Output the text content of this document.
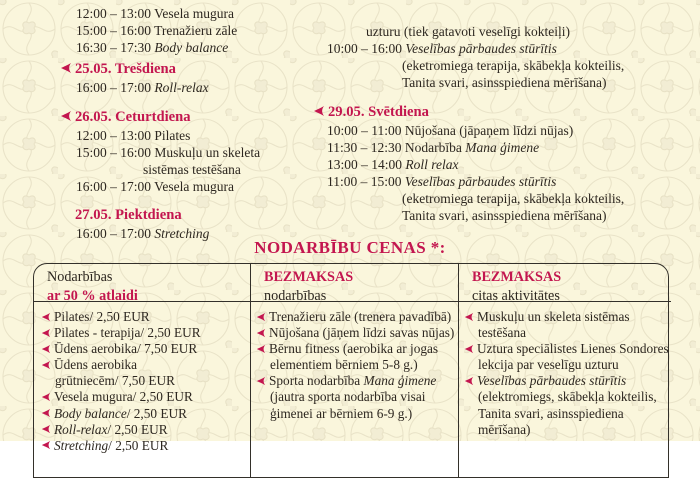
12:00 – 13:00 Vesela mugura
15:00 – 16:00 Trenažieru zāle
16:30 – 17:30 Body balance
25.05. Trešdiena
16:00 – 17:00 Roll-relax
26.05. Ceturtdiena
12:00 – 13:00 Pilates
15:00 – 16:00 Muskuļu un skeleta
sistēmas testēšana
16:00 – 17:00 Vesela mugura
27.05. Piektdiena
16:00 – 17:00 Stretching
uzturu (tiek gatavoti veselīgi kokteiļi)
10:00 – 16:00 Veselības pārbaudes stūrītis
(eketromiega terapija, skābekļa kokteilis,
Tanita svari, asinsspiediena mērīšana)
29.05. Svētdiena
10:00 – 11:00 Nūjošana (jāpaņem līdzi nūjas)
11:30 – 12:30 Nodarbība Mana ģimene
13:00 – 14:00 Roll relax
11:00 – 15:00 Veselības pārbaudes stūrītis
(eketromiega terapija, skābekļa kokteilis,
Tanita svari, asinsspiediena mērīšana)
NODARBĪBU CENAS *:
Nodarbības
ar 50 % atlaidi
BEZMAKSAS
nodarbības
BEZMAKSAS
citas aktivitātes
Pilates/ 2,50 EUR
Pilates - terapija/ 2,50 EUR
Ūdens aerobika/ 7,50 EUR
Ūdens aerobika
grūtniecēm/ 7,50 EUR
Vesela mugura/ 2,50 EUR
Body balance/ 2,50 EUR
Roll-relax/ 2,50 EUR
Stretching/ 2,50 EUR
Trenažieru zāle (trenera pavadībā)
Nūjošana (jāņem līdzi savas nūjas)
Bērnu fitness (aerobika ar jogas
elementiem bērniem 5-8 g.)
Sporta nodarbība Mana ģimene
(jautra sporta nodarbība visai
ģimenei ar bērniem 6-9 g.)
Muskuļu un skeleta sistēmas
testēšana
Uztura speciālistes Lienes Sondores
lekcija par veselīgu uzturu
Veselības pārbaudes stūrītis
(elektromiegs, skābekļa kokteilis,
Tanita svari, asinsspiediena
mērīšana)
